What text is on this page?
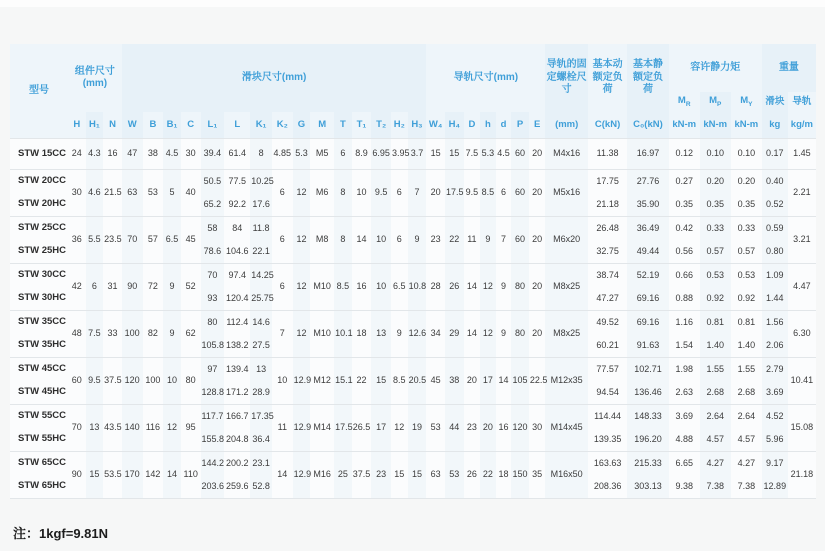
型号	组件尺寸(mm)			滑块尺寸(mm)															导轨尺寸(mm)							导轨的固定螺栓尺寸	基本动额定负荷	基本静额定负荷	容许静力矩			重量	
																													$M_R$	$M_P$	$M_Y$	滑块	导轨
	H	H₁	N	W	B	B₁	C	L₁	L	K₁	K₂	G	M	T	T₁	T₂	H₂	H₃	W₄	H₄	D	h	d	P	E	(mm)	C(kN)	C₀(kN)	kN-m	kN-m	kN-m	kg	kg/m
STW 15CC	24	4.3	16	47	38	4.5	30	39.4	61.4	8	4.85	5.3	M5	6	8.9	6.95	3.95	3.7	15	15	7.5	5.3	4.5	60	20	M4x16	11.38	16.97	0.12	0.10	0.10	0.17	1.45
STW 20CC	30	4.6	21.5	63	53	5	40	50.5	77.5	10.25	6	12	M6	8	10	9.5	6	7	20	17.5	9.5	8.5	6	60	20	M5x16	17.75	27.76	0.27	0.20	0.20	0.40	2.21
STW 20HC								65.2	92.2	17.6																	21.18	35.90	0.35	0.35	0.35	0.52	
STW 25CC	36	5.5	23.5	70	57	6.5	45	58	84	11.8	6	12	M8	8	14	10	6	9	23	22	11	9	7	60	20	M6x20	26.48	36.49	0.42	0.33	0.33	0.59	3.21
STW 25HC								78.6	104.6	22.1																	32.75	49.44	0.56	0.57	0.57	0.80	
STW 30CC	42	6	31	90	72	9	52	70	97.4	14.25	6	12	M10	8.5	16	10	6.5	10.8	28	26	14	12	9	80	20	M8x25	38.74	52.19	0.66	0.53	0.53	1.09	4.47
STW 30HC								93	120.4	25.75																	47.27	69.16	0.88	0.92	0.92	1.44	
STW 35CC	48	7.5	33	100	82	9	62	80	112.4	14.6	7	12	M10	10.1	18	13	9	12.6	34	29	14	12	9	80	20	M8x25	49.52	69.16	1.16	0.81	0.81	1.56	6.30
STW 35HC								105.8	138.2	27.5																	60.21	91.63	1.54	1.40	1.40	2.06	
STW 45CC	60	9.5	37.5	120	100	10	80	97	139.4	13	10	12.9	M12	15.1	22	15	8.5	20.5	45	38	20	17	14	105	22.5	M12x35	77.57	102.71	1.98	1.55	1.55	2.79	10.41
STW 45HC								128.8	171.2	28.9																	94.54	136.46	2.63	2.68	2.68	3.69	
STW 55CC	70	13	43.5	140	116	12	95	117.7	166.7	17.35	11	12.9	M14	17.5	26.5	17	12	19	53	44	23	20	16	120	30	M14x45	114.44	148.33	3.69	2.64	2.64	4.52	15.08
STW 55HC								155.8	204.8	36.4																	139.35	196.20	4.88	4.57	4.57	5.96	
STW 65CC	90	15	53.5	170	142	14	110	144.2	200.2	23.1	14	12.9	M16	25	37.5	23	15	15	63	53	26	22	18	150	35	M16x50	163.63	215.33	6.65	4.27	4.27	9.17	21.18
STW 65HC								203.6	259.6	52.8																	208.36	303.13	9.38	7.38	7.38	12.89	
注：1kgf=9.81N
